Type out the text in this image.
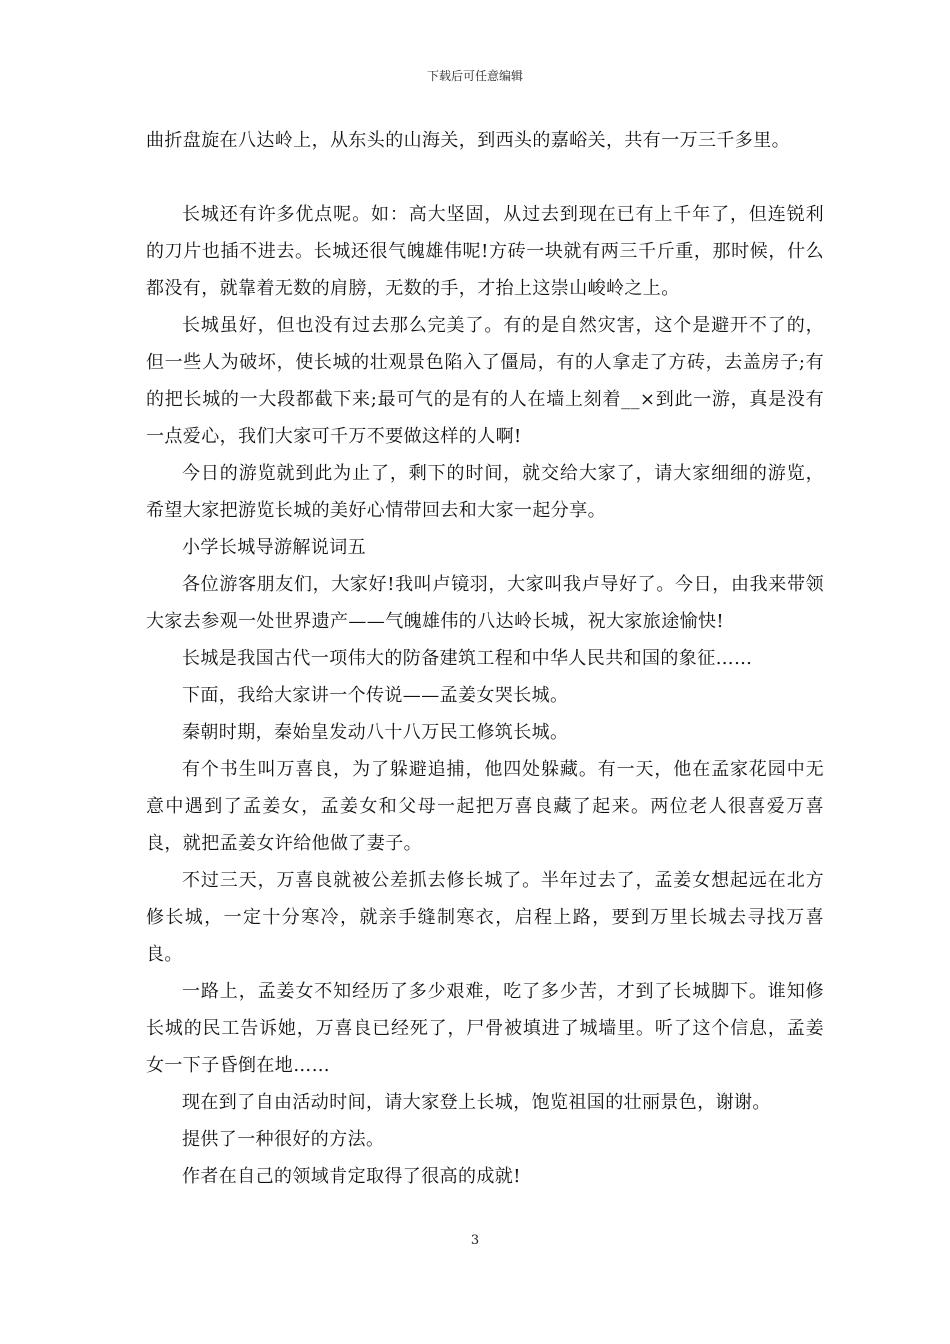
下载后可任意编辑

曲折盘旋在八达岭上，从东头的山海关，到西头的嘉峪关，共有一万三千多里。

长城还有许多优点呢。如：高大坚固，从过去到现在已有上千年了，但连锐利的刀片也插不进去。长城还很气魄雄伟呢!方砖一块就有两三千斤重，那时候，什么都没有，就靠着无数的肩膀，无数的手，才抬上这崇山峻岭之上。

长城虽好，但也没有过去那么完美了。有的是自然灾害，这个是避开不了的，但一些人为破坏，使长城的壮观景色陷入了僵局，有的人拿走了方砖，去盖房子;有的把长城的一大段都截下来;最可气的是有的人在墙上刻着__×到此一游，真是没有一点爱心，我们大家可千万不要做这样的人啊!

今日的游览就到此为止了，剩下的时间，就交给大家了，请大家细细的游览，希望大家把游览长城的美好心情带回去和大家一起分享。

小学长城导游解说词五

各位游客朋友们，大家好!我叫卢镜羽，大家叫我卢导好了。今日，由我来带领大家去参观一处世界遗产——气魄雄伟的八达岭长城，祝大家旅途愉快!

长城是我国古代一项伟大的防备建筑工程和中华人民共和国的象征……

下面，我给大家讲一个传说——孟姜女哭长城。

秦朝时期，秦始皇发动八十八万民工修筑长城。

有个书生叫万喜良，为了躲避追捕，他四处躲藏。有一天，他在孟家花园中无意中遇到了孟姜女，孟姜女和父母一起把万喜良藏了起来。两位老人很喜爱万喜良，就把孟姜女许给他做了妻子。

不过三天，万喜良就被公差抓去修长城了。半年过去了，孟姜女想起远在北方修长城，一定十分寒冷，就亲手缝制寒衣，启程上路，要到万里长城去寻找万喜良。

一路上，孟姜女不知经历了多少艰难，吃了多少苦，才到了长城脚下。谁知修长城的民工告诉她，万喜良已经死了，尸骨被填进了城墙里。听了这个信息，孟姜女一下子昏倒在地……

现在到了自由活动时间，请大家登上长城，饱览祖国的壮丽景色，谢谢。

提供了一种很好的方法。

作者在自己的领域肯定取得了很高的成就!

3
